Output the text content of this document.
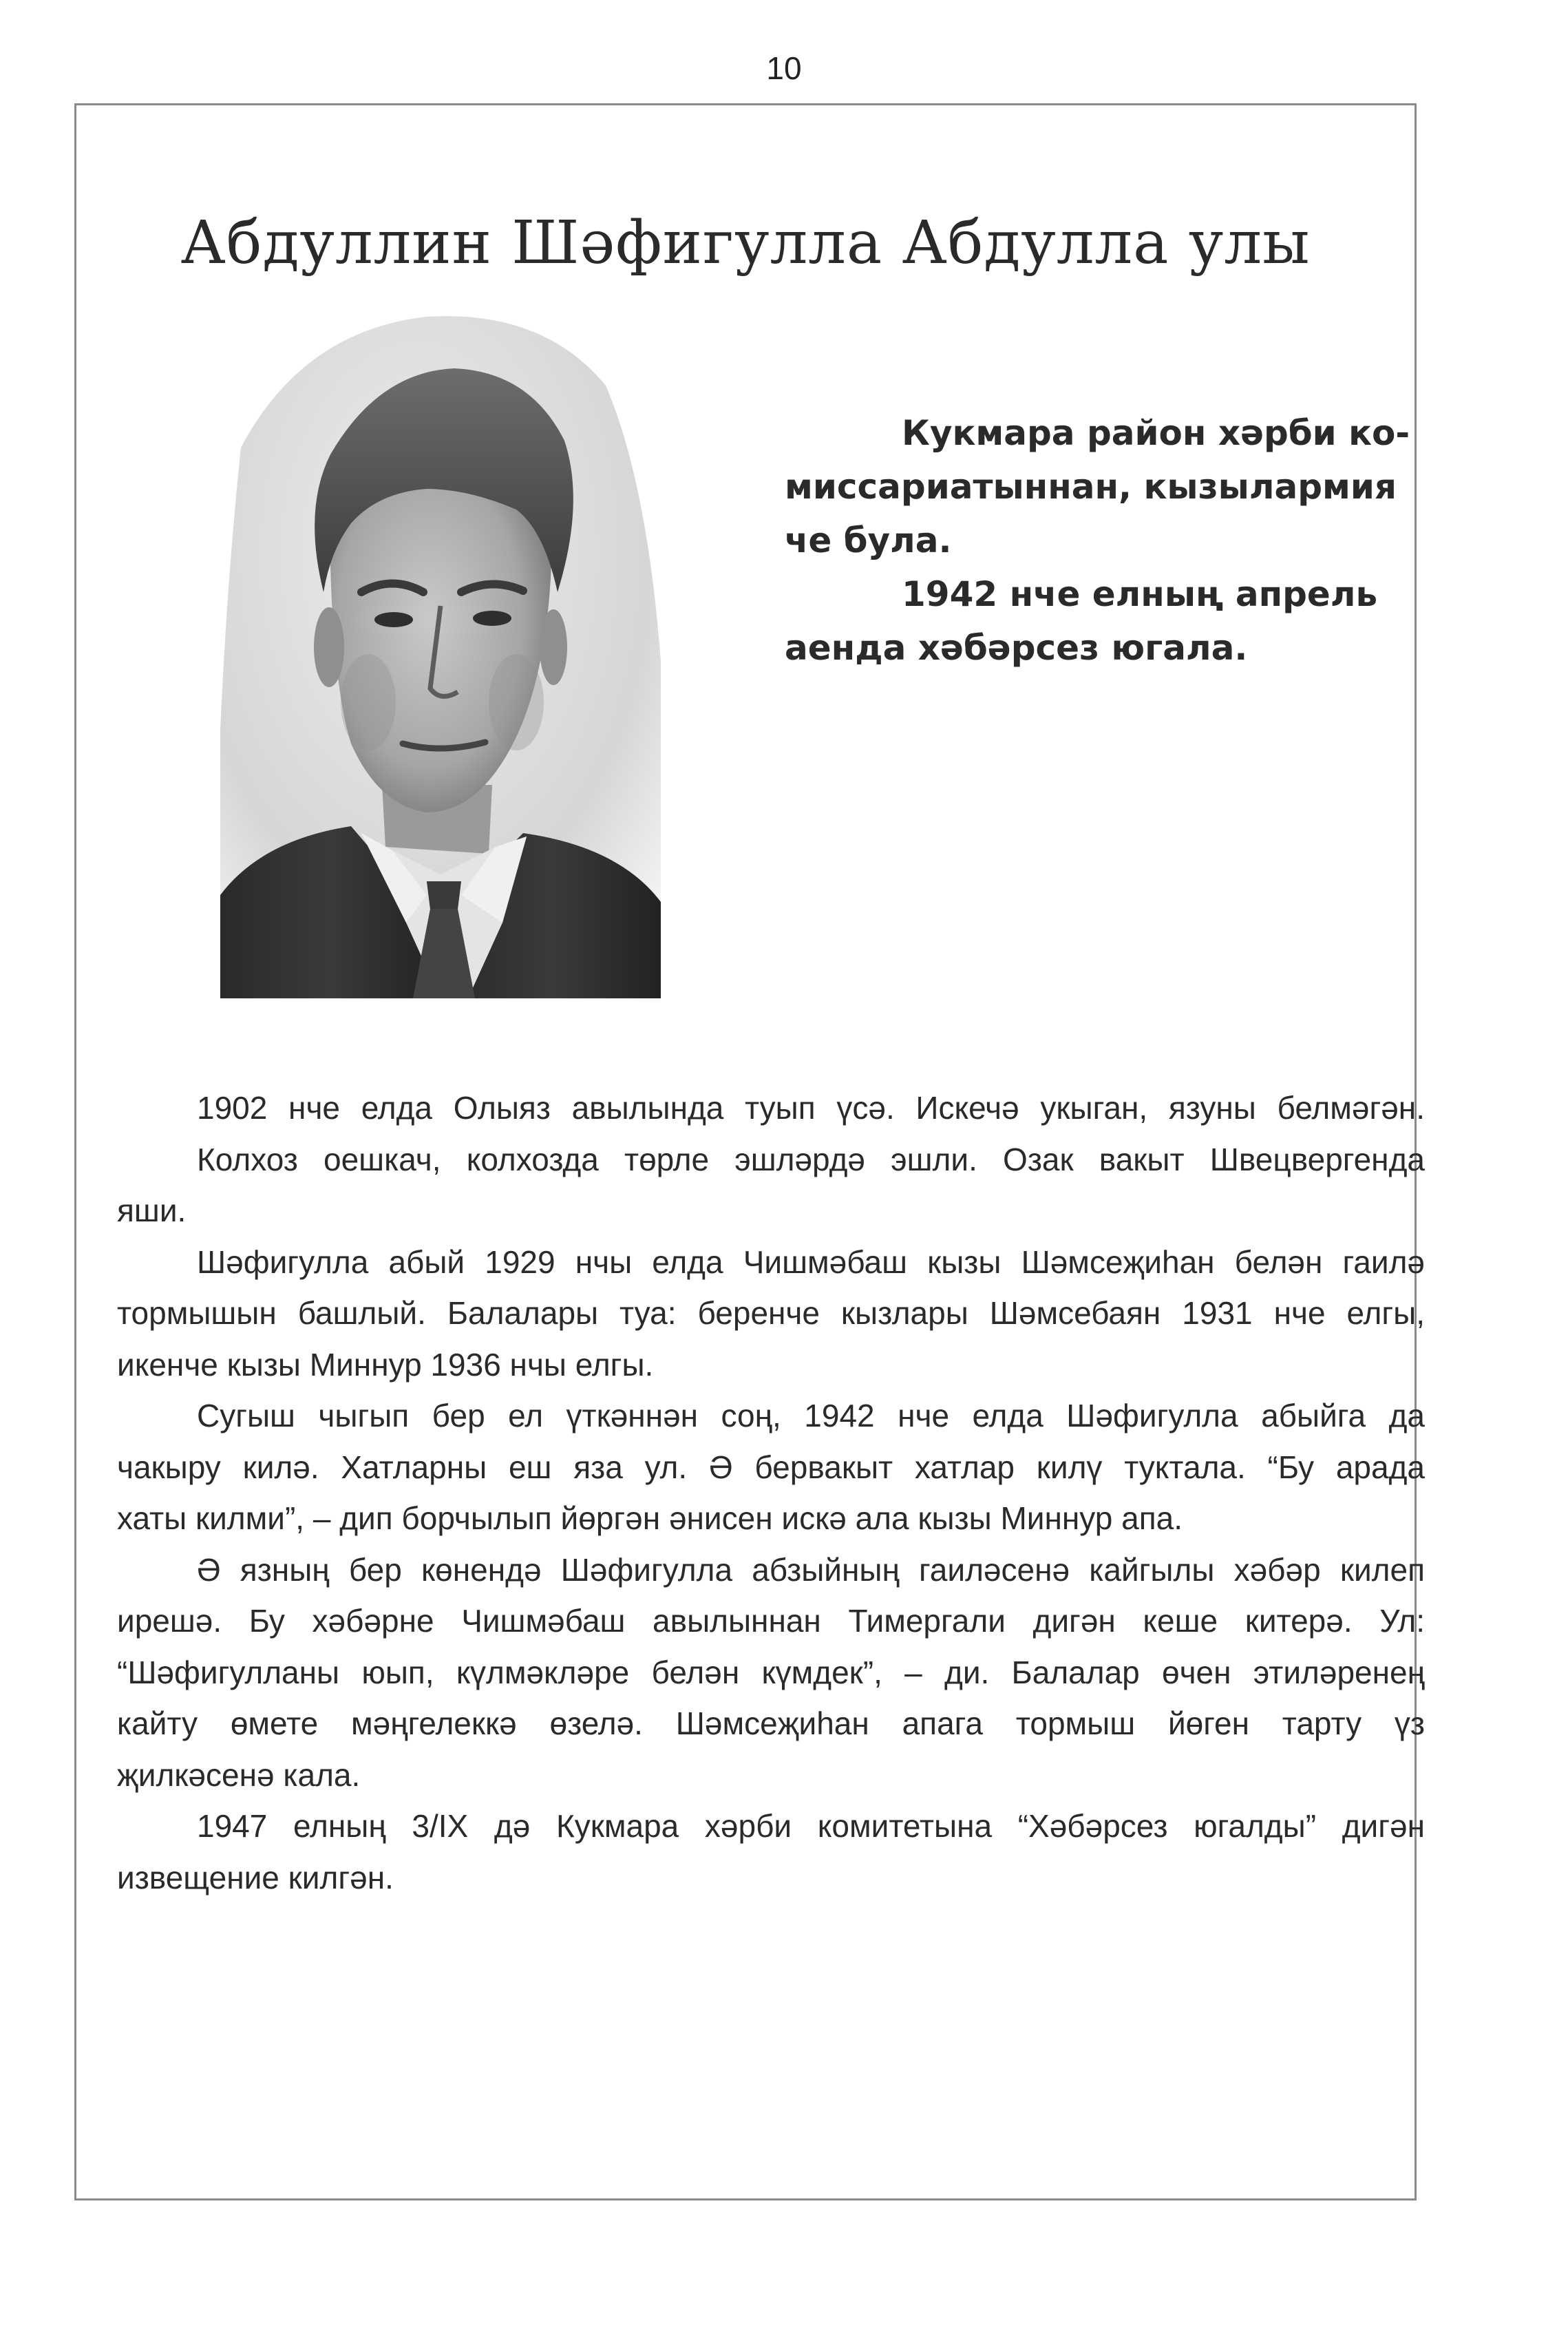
10
Абдуллин Шәфигулла Абдулла улы
Кукмара район хәрби ко-
миссариатыннан, кызылармия
че була.
1942 нче елның апрель
аенда хәбәрсез югала.
1902 нче елда Олыяз авылында туып үсә. Искечә укыган, язуны белмәгән.
Колхоз оешкач, колхозда төрле эшләрдә эшли. Озак вакыт Швецвергенда
яши.
Шәфигулла абый 1929 нчы елда Чишмәбаш кызы Шәмсеҗиһан белән гаилә
тормышын башлый. Балалары туа: беренче кызлары Шәмсебаян 1931 нче елгы,
икенче кызы Миннур 1936 нчы елгы.
Сугыш чыгып бер ел үткәннән соң, 1942 нче елда Шәфигулла абыйга да
чакыру килә. Хатларны еш яза ул. Ә бервакыт хатлар килү туктала. “Бу арада
хаты килми”, – дип борчылып йөргән әнисен искә ала кызы Миннур апа.
Ә язның бер көнендә Шәфигулла абзыйның гаиләсенә кайгылы хәбәр килеп
ирешә. Бу хәбәрне Чишмәбаш авылыннан Тимергали дигән кеше китерә. Ул:
“Шәфигулланы юып, күлмәкләре белән күмдек”, – ди. Балалар өчен этиләренең
кайту өмете мәңгелеккә өзелә. Шәмсеҗиһан апага тормыш йөген тарту үз
җилкәсенә кала.
1947 елның 3/IX дә Кукмара хәрби комитетына “Хәбәрсез югалды” дигән
извещение килгән.
